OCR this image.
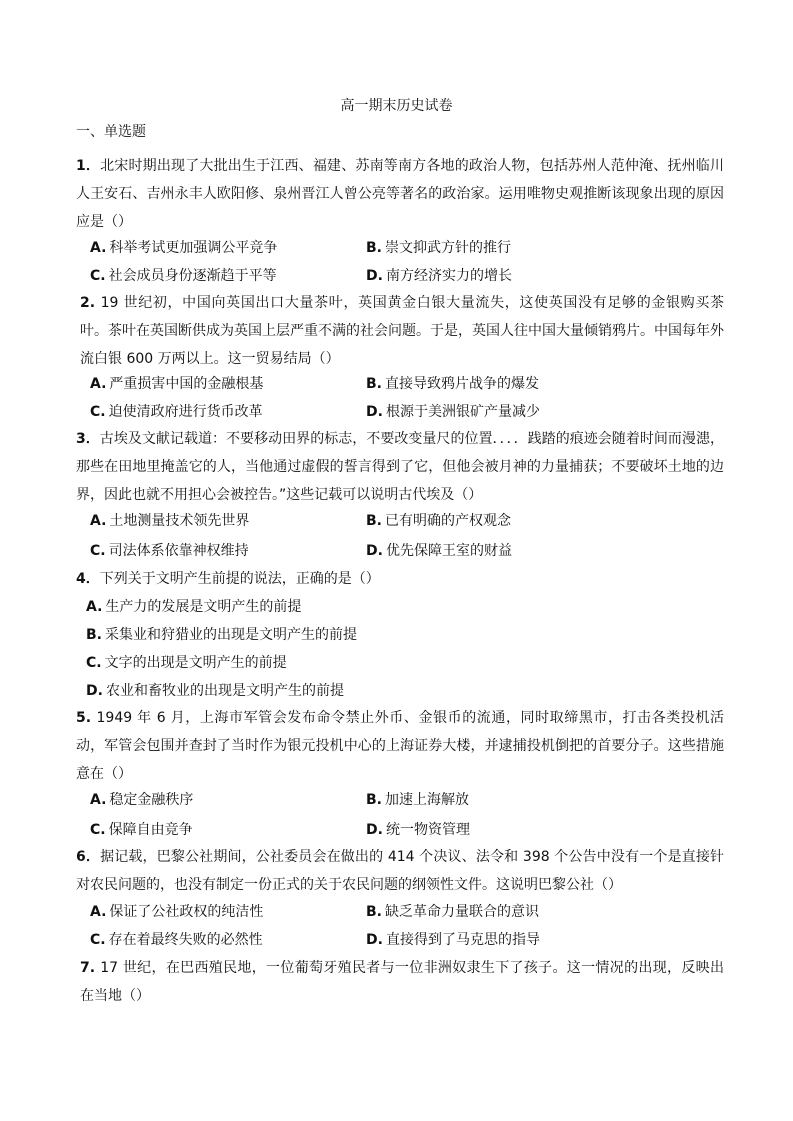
高一期末历史试卷
一、单选题
1．北宋时期出现了大批出生于江西、福建、苏南等南方各地的政治人物，包括苏州人范仲淹、抚州临川人王安石、吉州永丰人欧阳修、泉州晋江人曾公亮等著名的政治家。运用唯物史观推断该现象出现的原因应是（）
A. 科举考试更加强调公平竞争	B. 崇文抑武方针的推行
C. 社会成员身份逐渐趋于平等	D. 南方经济实力的增长
2. 19 世纪初，中国向英国出口大量茶叶，英国黄金白银大量流失，这使英国没有足够的金银购买茶叶。茶叶在英国断供成为英国上层严重不满的社会问题。于是，英国人往中国大量倾销鸦片。中国每年外流白银 600 万两以上。这一贸易结局（）
A. 严重损害中国的金融根基	B. 直接导致鸦片战争的爆发
C. 迫使清政府进行货币改革	D. 根源于美洲银矿产量减少
3．古埃及文献记载道：不要移动田界的标志，不要改变量尺的位置．．．．践踏的痕迹会随着时间而漫漶，那些在田地里掩盖它的人，当他通过虚假的誓言得到了它，但他会被月神的力量捕获；不要破坏土地的边界，因此也就不用担心会被控告。”这些记载可以说明古代埃及（）
A. 土地测量技术领先世界	B. 已有明确的产权观念
C. 司法体系依靠神权维持	D. 优先保障王室的财益
4．下列关于文明产生前提的说法，正确的是（）
A. 生产力的发展是文明产生的前提
B. 采集业和狩猎业的出现是文明产生的前提
C. 文字的出现是文明产生的前提
D. 农业和畜牧业的出现是文明产生的前提
5. 1949 年 6 月，上海市军管会发布命令禁止外币、金银币的流通，同时取缔黑市，打击各类投机活动，军管会包围并查封了当时作为银元投机中心的上海证券大楼，并逮捕投机倒把的首要分子。这些措施意在（）
A. 稳定金融秩序	B. 加速上海解放
C. 保障自由竞争	D. 统一物资管理
6．据记载，巴黎公社期间，公社委员会在做出的 414 个决议、法令和 398 个公告中没有一个是直接针对农民问题的，也没有制定一份正式的关于农民问题的纲领性文件。这说明巴黎公社（）
A. 保证了公社政权的纯洁性	B. 缺乏革命力量联合的意识
C. 存在着最终失败的必然性	D. 直接得到了马克思的指导
7. 17 世纪，在巴西殖民地，一位葡萄牙殖民者与一位非洲奴隶生下了孩子。这一情况的出现，反映出在当地（）
